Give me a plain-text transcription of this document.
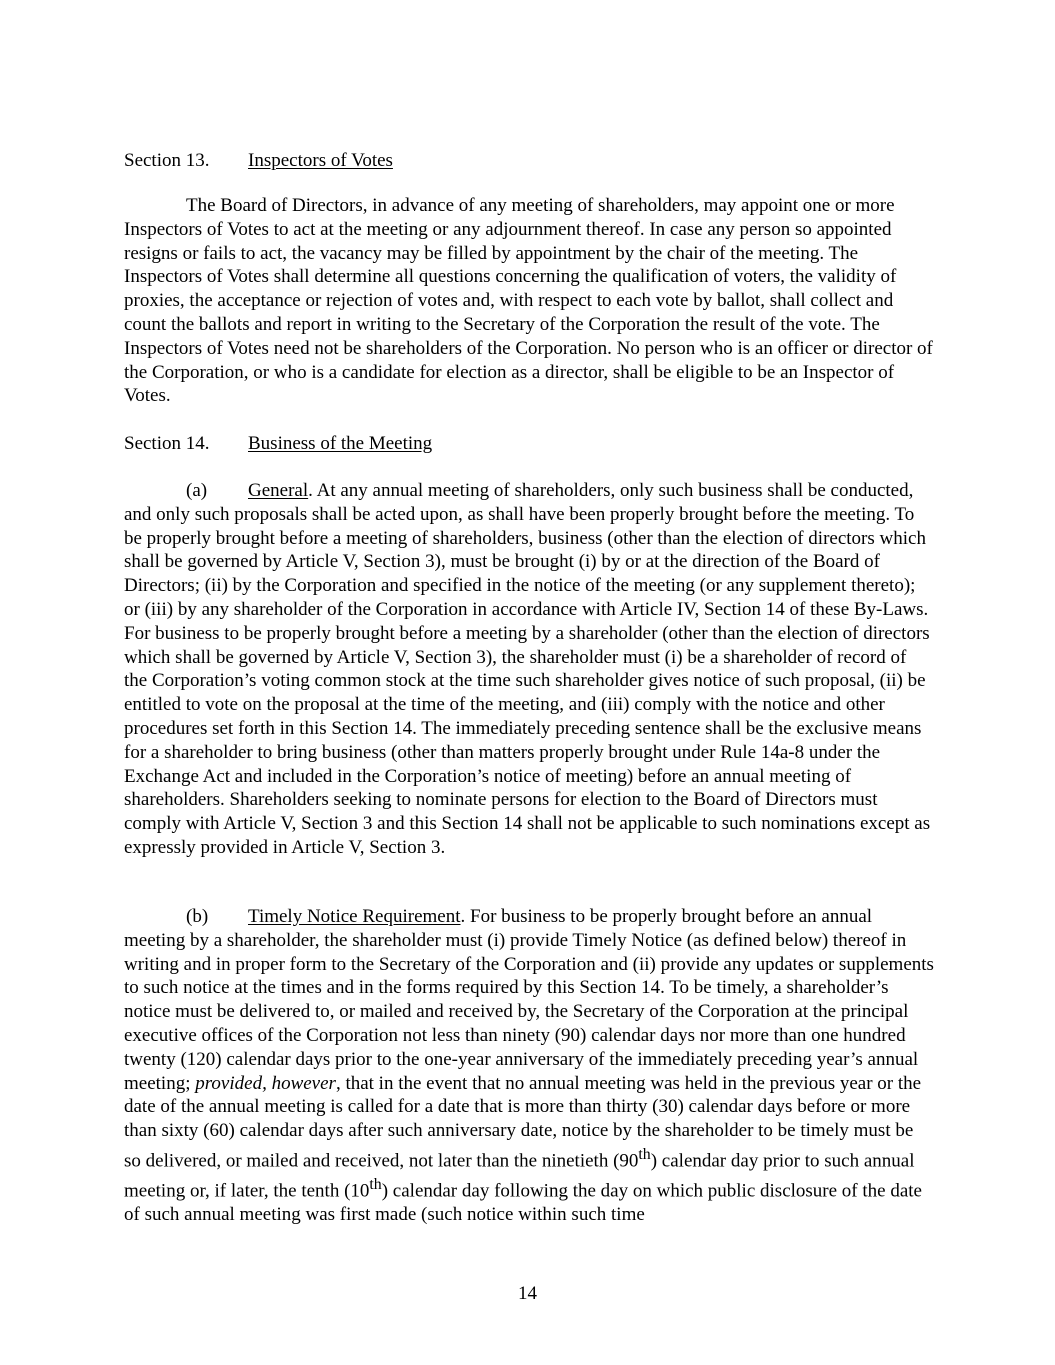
Section 13. Inspectors of Votes
The Board of Directors, in advance of any meeting of shareholders, may appoint one or more Inspectors of Votes to act at the meeting or any adjournment thereof. In case any person so appointed resigns or fails to act, the vacancy may be filled by appointment by the chair of the meeting. The Inspectors of Votes shall determine all questions concerning the qualification of voters, the validity of proxies, the acceptance or rejection of votes and, with respect to each vote by ballot, shall collect and count the ballots and report in writing to the Secretary of the Corporation the result of the vote. The Inspectors of Votes need not be shareholders of the Corporation. No person who is an officer or director of the Corporation, or who is a candidate for election as a director, shall be eligible to be an Inspector of Votes.
Section 14. Business of the Meeting
(a) General. At any annual meeting of shareholders, only such business shall be conducted, and only such proposals shall be acted upon, as shall have been properly brought before the meeting. To be properly brought before a meeting of shareholders, business (other than the election of directors which shall be governed by Article V, Section 3), must be brought (i) by or at the direction of the Board of Directors; (ii) by the Corporation and specified in the notice of the meeting (or any supplement thereto); or (iii) by any shareholder of the Corporation in accordance with Article IV, Section 14 of these By-Laws. For business to be properly brought before a meeting by a shareholder (other than the election of directors which shall be governed by Article V, Section 3), the shareholder must (i) be a shareholder of record of the Corporation’s voting common stock at the time such shareholder gives notice of such proposal, (ii) be entitled to vote on the proposal at the time of the meeting, and (iii) comply with the notice and other procedures set forth in this Section 14. The immediately preceding sentence shall be the exclusive means for a shareholder to bring business (other than matters properly brought under Rule 14a-8 under the Exchange Act and included in the Corporation’s notice of meeting) before an annual meeting of shareholders. Shareholders seeking to nominate persons for election to the Board of Directors must comply with Article V, Section 3 and this Section 14 shall not be applicable to such nominations except as expressly provided in Article V, Section 3.
(b) Timely Notice Requirement. For business to be properly brought before an annual meeting by a shareholder, the shareholder must (i) provide Timely Notice (as defined below) thereof in writing and in proper form to the Secretary of the Corporation and (ii) provide any updates or supplements to such notice at the times and in the forms required by this Section 14. To be timely, a shareholder’s notice must be delivered to, or mailed and received by, the Secretary of the Corporation at the principal executive offices of the Corporation not less than ninety (90) calendar days nor more than one hundred twenty (120) calendar days prior to the one-year anniversary of the immediately preceding year’s annual meeting; provided, however, that in the event that no annual meeting was held in the previous year or the date of the annual meeting is called for a date that is more than thirty (30) calendar days before or more than sixty (60) calendar days after such anniversary date, notice by the shareholder to be timely must be so delivered, or mailed and received, not later than the ninetieth (90th) calendar day prior to such annual meeting or, if later, the tenth (10th) calendar day following the day on which public disclosure of the date of such annual meeting was first made (such notice within such time
14
